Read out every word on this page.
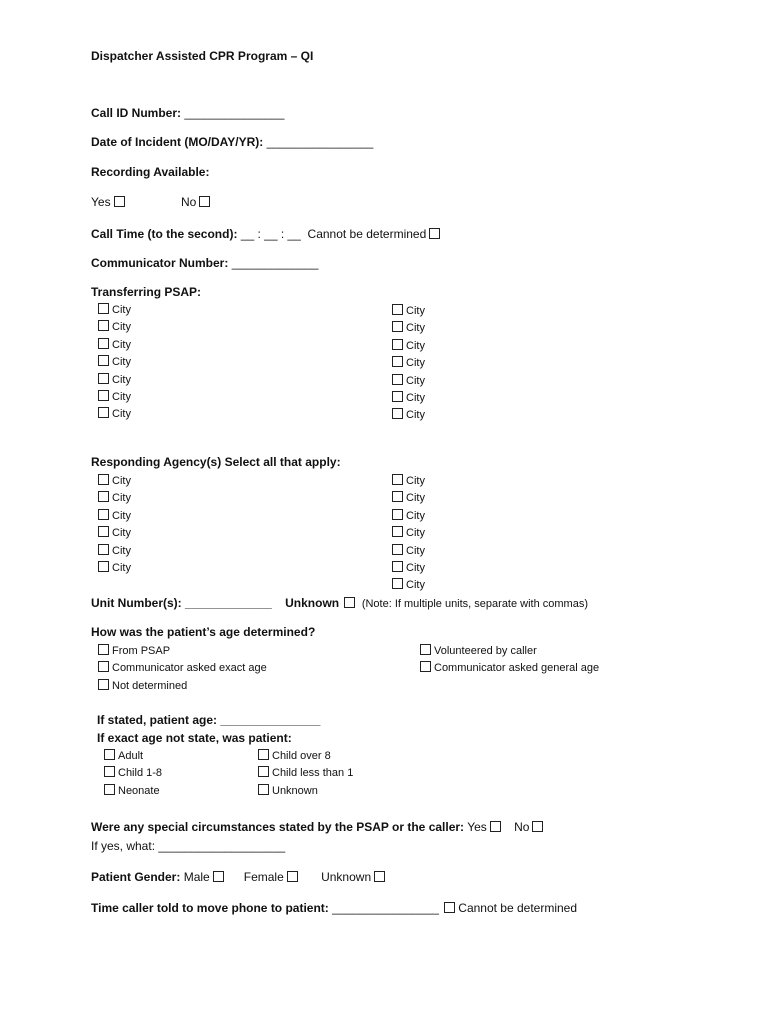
Dispatcher Assisted CPR Program – QI
Call ID Number: _______________
Date of Incident (MO/DAY/YR): ________________
Recording Available:
Yes	No
Call Time (to the second): __ : __ : __ Cannot be determined
Communicator Number: _____________
Transferring PSAP:
City
City
City
City
City
City
City
City
City
City
City
City
City
City
Responding Agency(s) Select all that apply:
City
City
City
City
City
City
City
City
City
City
City
City
City
Unit Number(s): _____________ Unknown (Note: If multiple units, separate with commas)
How was the patient’s age determined?
From PSAP
Communicator asked exact age
Not determined
Volunteered by caller
Communicator asked general age
If stated, patient age: _______________
If exact age not state, was patient:
Adult
Child 1-8
Neonate
Child over 8
Child less than 1
Unknown
Were any special circumstances stated by the PSAP or the caller: Yes No
If yes, what: ___________________
Patient Gender: Male	Female	Unknown
Time caller told to move phone to patient: ________________ Cannot be determined
